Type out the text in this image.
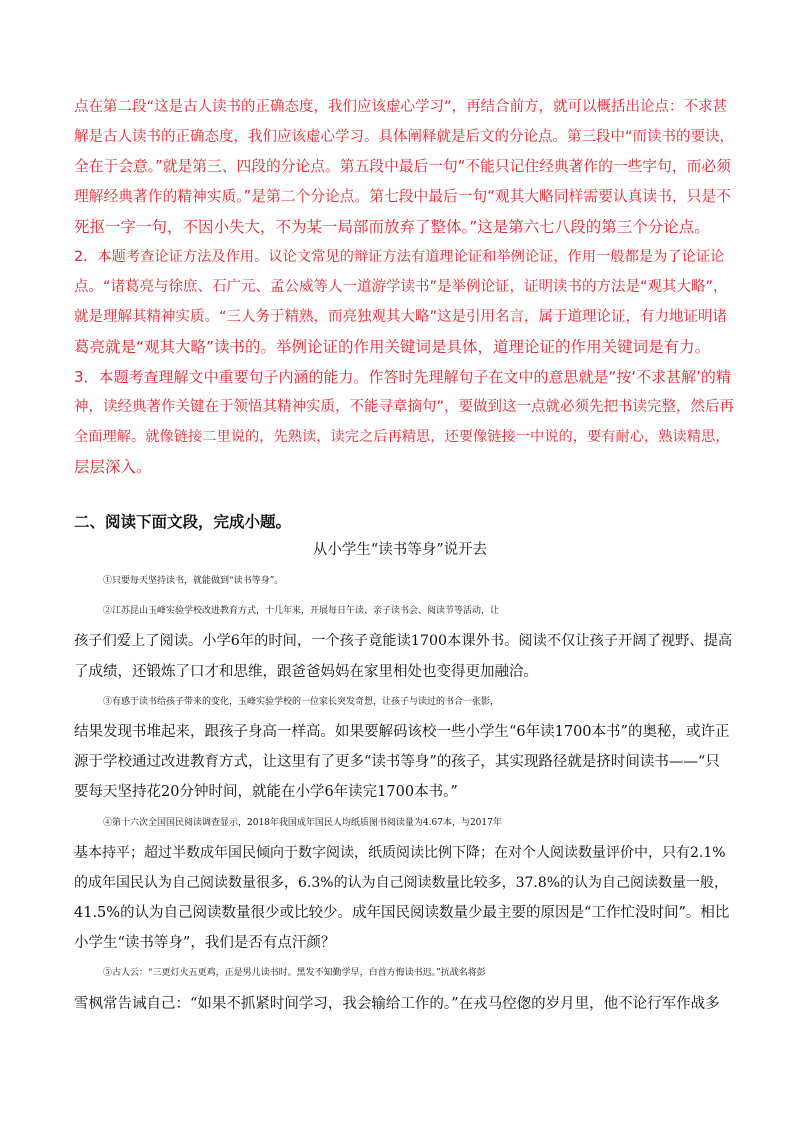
点在第二段“这是古人读书的正确态度，我们应该虚心学习”，再结合前方，就可以概括出论点：不求甚

解是古人读书的正确态度，我们应该虚心学习。具体阐释就是后文的分论点。第三段中“而读书的要诀，

全在于会意。”就是第三、四段的分论点。第五段中最后一句“不能只记住经典著作的一些字句，而必须

理解经典著作的精神实质。”是第二个分论点。第七段中最后一句“观其大略同样需要认真读书，只是不

死抠一字一句，不因小失大，不为某一局部而放弃了整体。”这是第六七八段的第三个分论点。

2．本题考查论证方法及作用。议论文常见的辩证方法有道理论证和举例论证，作用一般都是为了论证论

点。“诸葛亮与徐庶、石广元、孟公威等人一道游学读书”是举例论证，证明读书的方法是“观其大略”，

就是理解其精神实质。“三人务于精熟，而亮独观其大略”这是引用名言，属于道理论证，有力地证明诸

葛亮就是“观其大略”读书的。举例论证的作用关键词是具体，道理论证的作用关键词是有力。

3．本题考查理解文中重要句子内涵的能力。作答时先理解句子在文中的意思就是“按‘不求甚解’的精

神，读经典著作关键在于领悟其精神实质，不能寻章摘句”，要做到这一点就必须先把书读完整，然后再

全面理解。就像链接二里说的，先熟读，读完之后再精思，还要像链接一中说的，要有耐心，熟读精思，

层层深入。

二、阅读下面文段，完成小题。

从小学生“读书等身”说开去
①只要每天坚持读书，就能做到“读书等身”。
②江苏昆山玉峰实验学校改进教育方式，十几年来，开展每日午读、亲子读书会、阅读节等活动，让
孩子们爱上了阅读。小学6年的时间，一个孩子竟能读1700本课外书。阅读不仅让孩子开阔了视野、提高
了成绩，还锻炼了口才和思维，跟爸爸妈妈在家里相处也变得更加融洽。
③有感于读书给孩子带来的变化，玉峰实验学校的一位家长突发奇想，让孩子与读过的书合一张影，
结果发现书堆起来，跟孩子身高一样高。如果要解码该校一些小学生“6年读1700本书”的奥秘，或许正
源于学校通过改进教育方式，让这里有了更多“读书等身”的孩子，其实现路径就是挤时间读书——“只
要每天坚持花20分钟时间，就能在小学6年读完1700本书。”
④第十六次全国国民阅读调查显示，2018年我国成年国民人均纸质图书阅读量为4.67本，与2017年
基本持平；超过半数成年国民倾向于数字阅读，纸质阅读比例下降；在对个人阅读数量评价中，只有2.1%
的成年国民认为自己阅读数量很多，6.3%的认为自己阅读数量比较多，37.8%的认为自己阅读数量一般，
41.5%的认为自己阅读数量很少或比较少。成年国民阅读数量少最主要的原因是“工作忙没时间”。相比
小学生“读书等身”，我们是否有点汗颜？
⑤古人云：“三更灯火五更鸡，正是男儿读书时。黑发不知勤学早，白首方悔读书迟。”抗战名将彭
雪枫常告诫自己：“如果不抓紧时间学习，我会输给工作的。”在戎马倥偬的岁月里，他不论行军作战多
